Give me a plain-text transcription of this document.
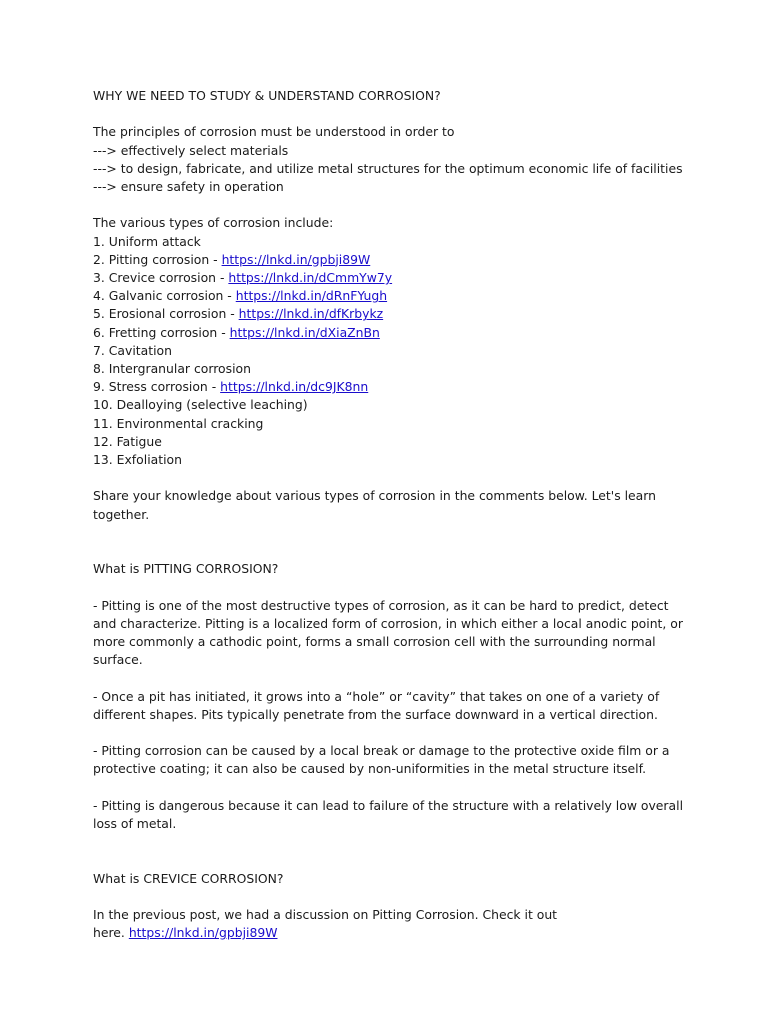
WHY WE NEED TO STUDY & UNDERSTAND CORROSION?
The principles of corrosion must be understood in order to
---> effectively select materials
---> to design, fabricate, and utilize metal structures for the optimum economic life of facilities
---> ensure safety in operation
The various types of corrosion include:
1. Uniform attack
2. Pitting corrosion - https://lnkd.in/gpbji89W
3. Crevice corrosion - https://lnkd.in/dCmmYw7y
4. Galvanic corrosion - https://lnkd.in/dRnFYugh
5. Erosional corrosion - https://lnkd.in/dfKrbykz
6. Fretting corrosion - https://lnkd.in/dXiaZnBn
7. Cavitation
8. Intergranular corrosion
9. Stress corrosion - https://lnkd.in/dc9JK8nn
10. Dealloying (selective leaching)
11. Environmental cracking
12. Fatigue
13. Exfoliation
Share your knowledge about various types of corrosion in the comments below. Let's learn together.
What is PITTING CORROSION?
- Pitting is one of the most destructive types of corrosion, as it can be hard to predict, detect and characterize. Pitting is a localized form of corrosion, in which either a local anodic point, or more commonly a cathodic point, forms a small corrosion cell with the surrounding normal surface.
- Once a pit has initiated, it grows into a “hole” or “cavity” that takes on one of a variety of different shapes. Pits typically penetrate from the surface downward in a vertical direction.
- Pitting corrosion can be caused by a local break or damage to the protective oxide film or a protective coating; it can also be caused by non-uniformities in the metal structure itself.
- Pitting is dangerous because it can lead to failure of the structure with a relatively low overall loss of metal.
What is CREVICE CORROSION?
In the previous post, we had a discussion on Pitting Corrosion. Check it out
here. https://lnkd.in/gpbji89W
